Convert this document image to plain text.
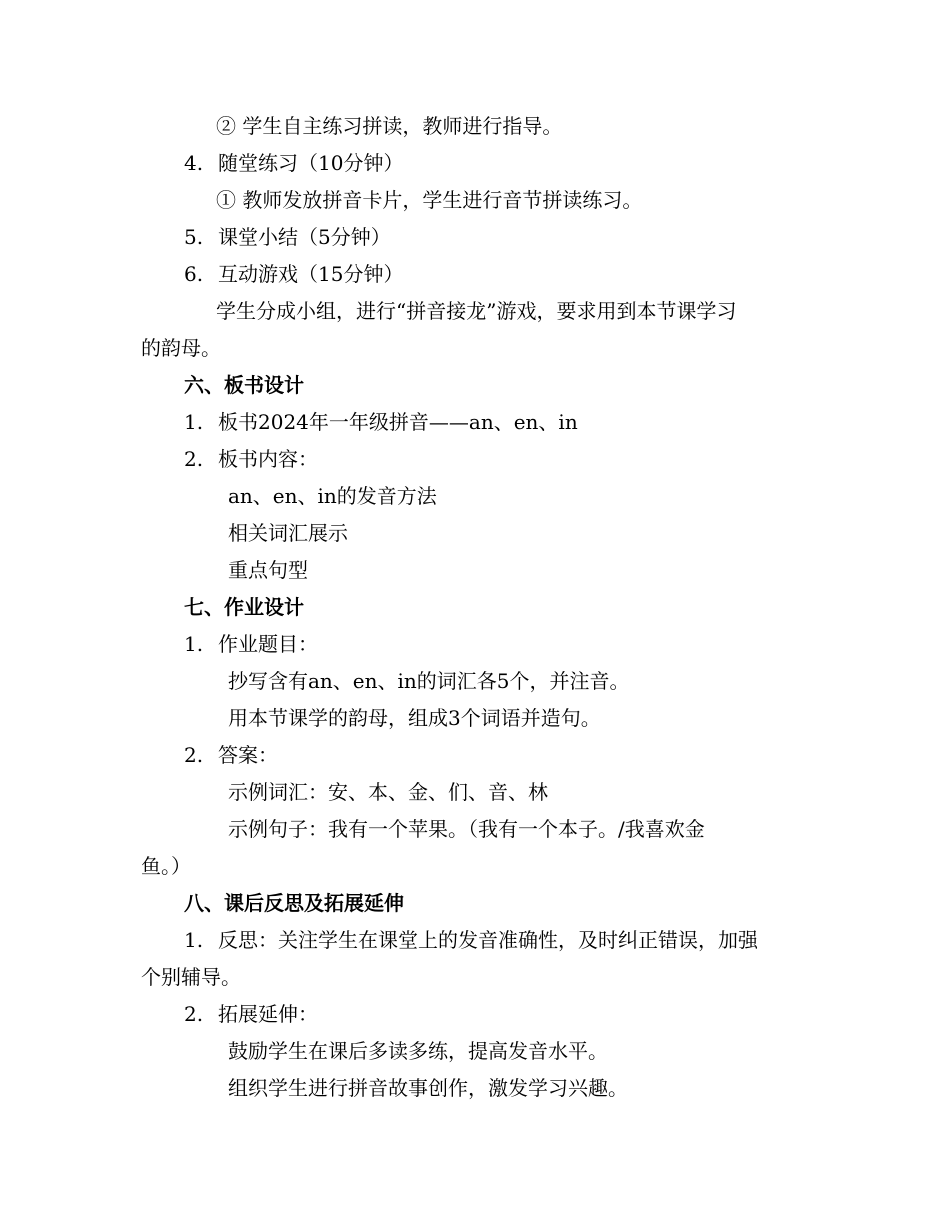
② 学生自主练习拼读，教师进行指导。
4. 随堂练习（10分钟）
① 教师发放拼音卡片，学生进行音节拼读练习。
5. 课堂小结（5分钟）
6. 互动游戏（15分钟）
学生分成小组，进行“拼音接龙”游戏，要求用到本节课学习
的韵母。
六、板书设计
1. 板书2024年一年级拼音——an、en、in
2. 板书内容：
an、en、in的发音方法
相关词汇展示
重点句型
七、作业设计
1. 作业题目：
抄写含有an、en、in的词汇各5个，并注音。
用本节课学的韵母，组成3个词语并造句。
2. 答案：
示例词汇：安、本、金、们、音、林
示例句子：我有一个苹果。（我有一个本子。/我喜欢金
鱼。）
八、课后反思及拓展延伸
1. 反思：关注学生在课堂上的发音准确性，及时纠正错误，加强
个别辅导。
2. 拓展延伸：
鼓励学生在课后多读多练，提高发音水平。
组织学生进行拼音故事创作，激发学习兴趣。
